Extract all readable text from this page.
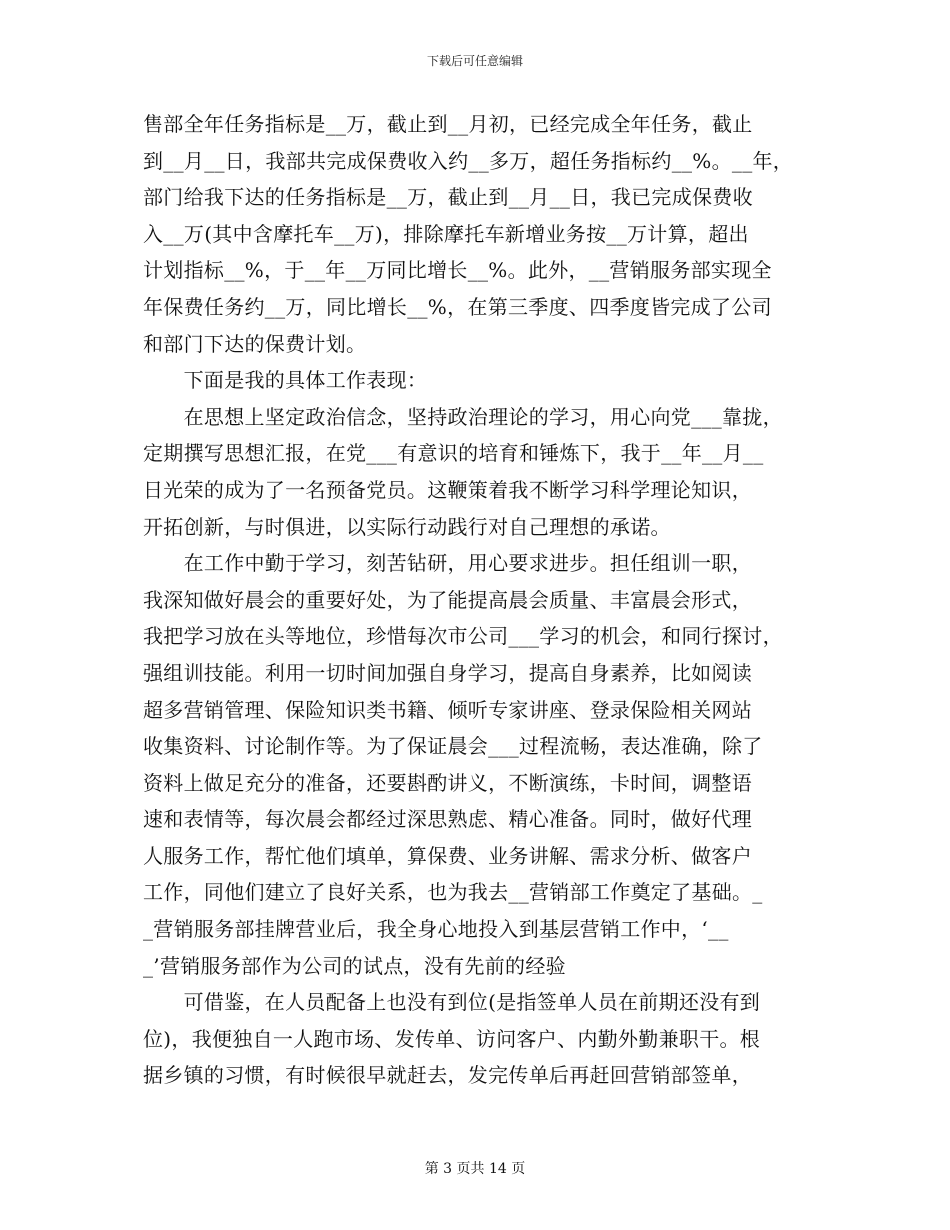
下载后可任意编辑
售部全年任务指标是__万，截止到__月初，已经完成全年任务，截止
到__月__日，我部共完成保费收入约__多万，超任务指标约__%。__年，
部门给我下达的任务指标是__万，截止到__月__日，我已完成保费收
入__万(其中含摩托车__万)，排除摩托车新增业务按__万计算，超出
计划指标__%，于__年__万同比增长__%。此外，__营销服务部实现全
年保费任务约__万，同比增长__%，在第三季度、四季度皆完成了公司
和部门下达的保费计划。
　　下面是我的具体工作表现：
　　在思想上坚定政治信念，坚持政治理论的学习，用心向党___靠拢，
定期撰写思想汇报，在党___有意识的培育和锤炼下，我于__年__月__
日光荣的成为了一名预备党员。这鞭策着我不断学习科学理论知识，
开拓创新，与时俱进，以实际行动践行对自己理想的承诺。
　　在工作中勤于学习，刻苦钻研，用心要求进步。担任组训一职，
我深知做好晨会的重要好处，为了能提高晨会质量、丰富晨会形式，
我把学习放在头等地位，珍惜每次市公司___学习的机会，和同行探讨，
强组训技能。利用一切时间加强自身学习，提高自身素养，比如阅读
超多营销管理、保险知识类书籍、倾听专家讲座、登录保险相关网站
收集资料、讨论制作等。为了保证晨会___过程流畅，表达准确，除了
资料上做足充分的准备，还要斟酌讲义，不断演练，卡时间，调整语
速和表情等，每次晨会都经过深思熟虑、精心准备。同时，做好代理
人服务工作，帮忙他们填单，算保费、业务讲解、需求分析、做客户
工作，同他们建立了良好关系，也为我去__营销部工作奠定了基础。_
_营销服务部挂牌营业后，我全身心地投入到基层营销工作中，‘__
_’营销服务部作为公司的试点，没有先前的经验
　　可借鉴，在人员配备上也没有到位(是指签单人员在前期还没有到
位)，我便独自一人跑市场、发传单、访问客户、内勤外勤兼职干。根
据乡镇的习惯，有时候很早就赶去，发完传单后再赶回营销部签单，
第 3 页共 14 页
